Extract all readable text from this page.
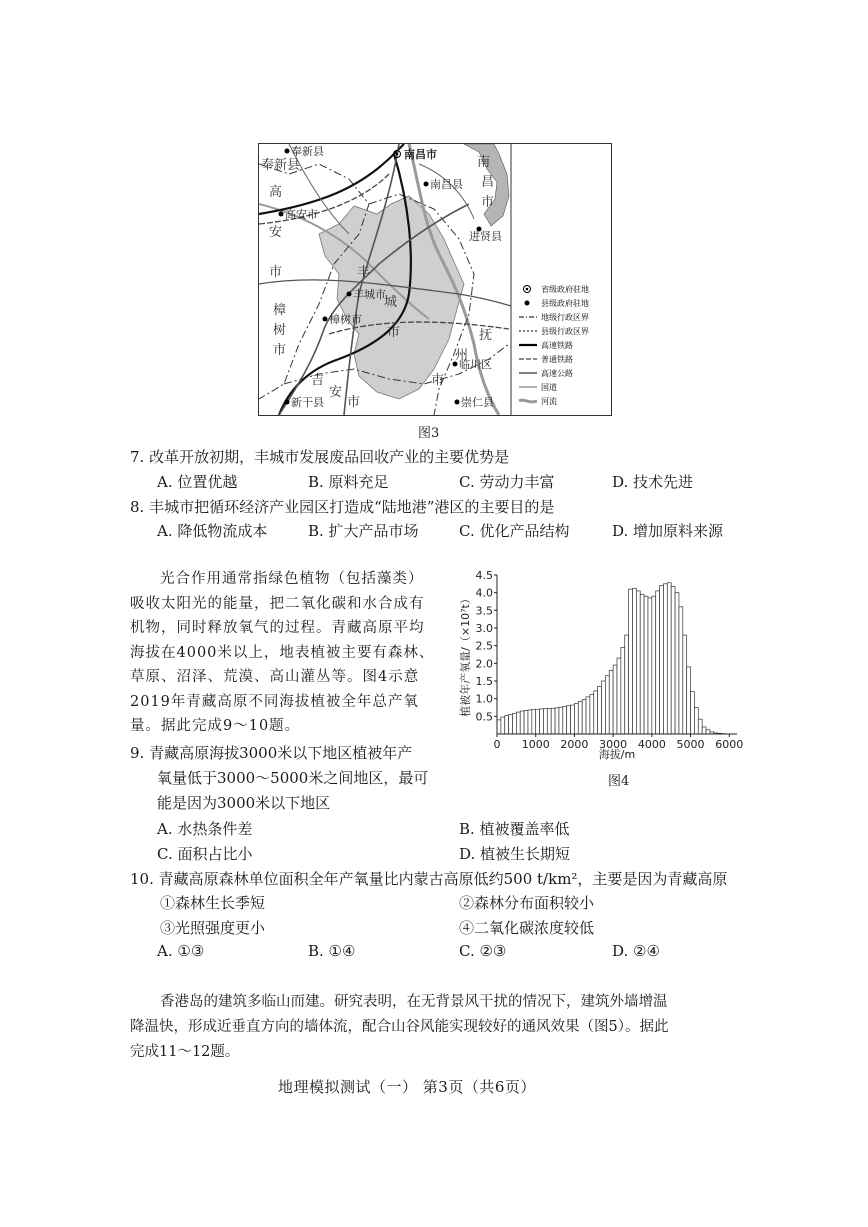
奉新县
奉新县
南昌市
南昌县
高安市
进贤县
丰城市
樟树市
临川区
新干县	崇仁县
高
安
市
南
昌
市
丰
城
市
樟
树
市
抚
州
市
吉
安
市
省级政府驻地
县级政府驻地
地级行政区界
县级行政区界
高速铁路
普通铁路
高速公路
国道
河流
图3
7. 改革开放初期，丰城市发展废品回收产业的主要优势是
A. 位置优越	B. 原料充足	C. 劳动力丰富	D. 技术先进
8. 丰城市把循环经济产业园区打造成“陆地港”港区的主要目的是
A. 降低物流成本	B. 扩大产品市场	C. 优化产品结构	D. 增加原料来源
光合作用通常指绿色植物（包括藻类）
吸收太阳光的能量，把二氧化碳和水合成有
机物，同时释放氧气的过程。青藏高原平均
海拔在4000米以上，地表植被主要有森林、
草原、沼泽、荒漠、高山灌丛等。图4示意
2019年青藏高原不同海拔植被全年总产氧
量。据此完成9～10题。
0.5
1.0
1.5
2.0
2.5
3.0
3.5
4.0
4.5
0 1000 2000 3000 4000 5000 6000
植被年产氧量/（×10⁷t）
海拔/m
图4
9. 青藏高原海拔3000米以下地区植被年产
氧量低于3000～5000米之间地区，最可
能是因为3000米以下地区
A. 水热条件差	B. 植被覆盖率低
C. 面积占比小	D. 植被生长期短
10. 青藏高原森林单位面积全年产氧量比内蒙古高原低约500 t/km²，主要是因为青藏高原
①森林生长季短	②森林分布面积较小
③光照强度更小	④二氧化碳浓度较低
A. ①③	B. ①④	C. ②③	D. ②④
香港岛的建筑多临山而建。研究表明，在无背景风干扰的情况下，建筑外墙增温
降温快，形成近垂直方向的墙体流，配合山谷风能实现较好的通风效果（图5）。据此
完成11～12题。
地理模拟测试（一） 第3页（共6页）
